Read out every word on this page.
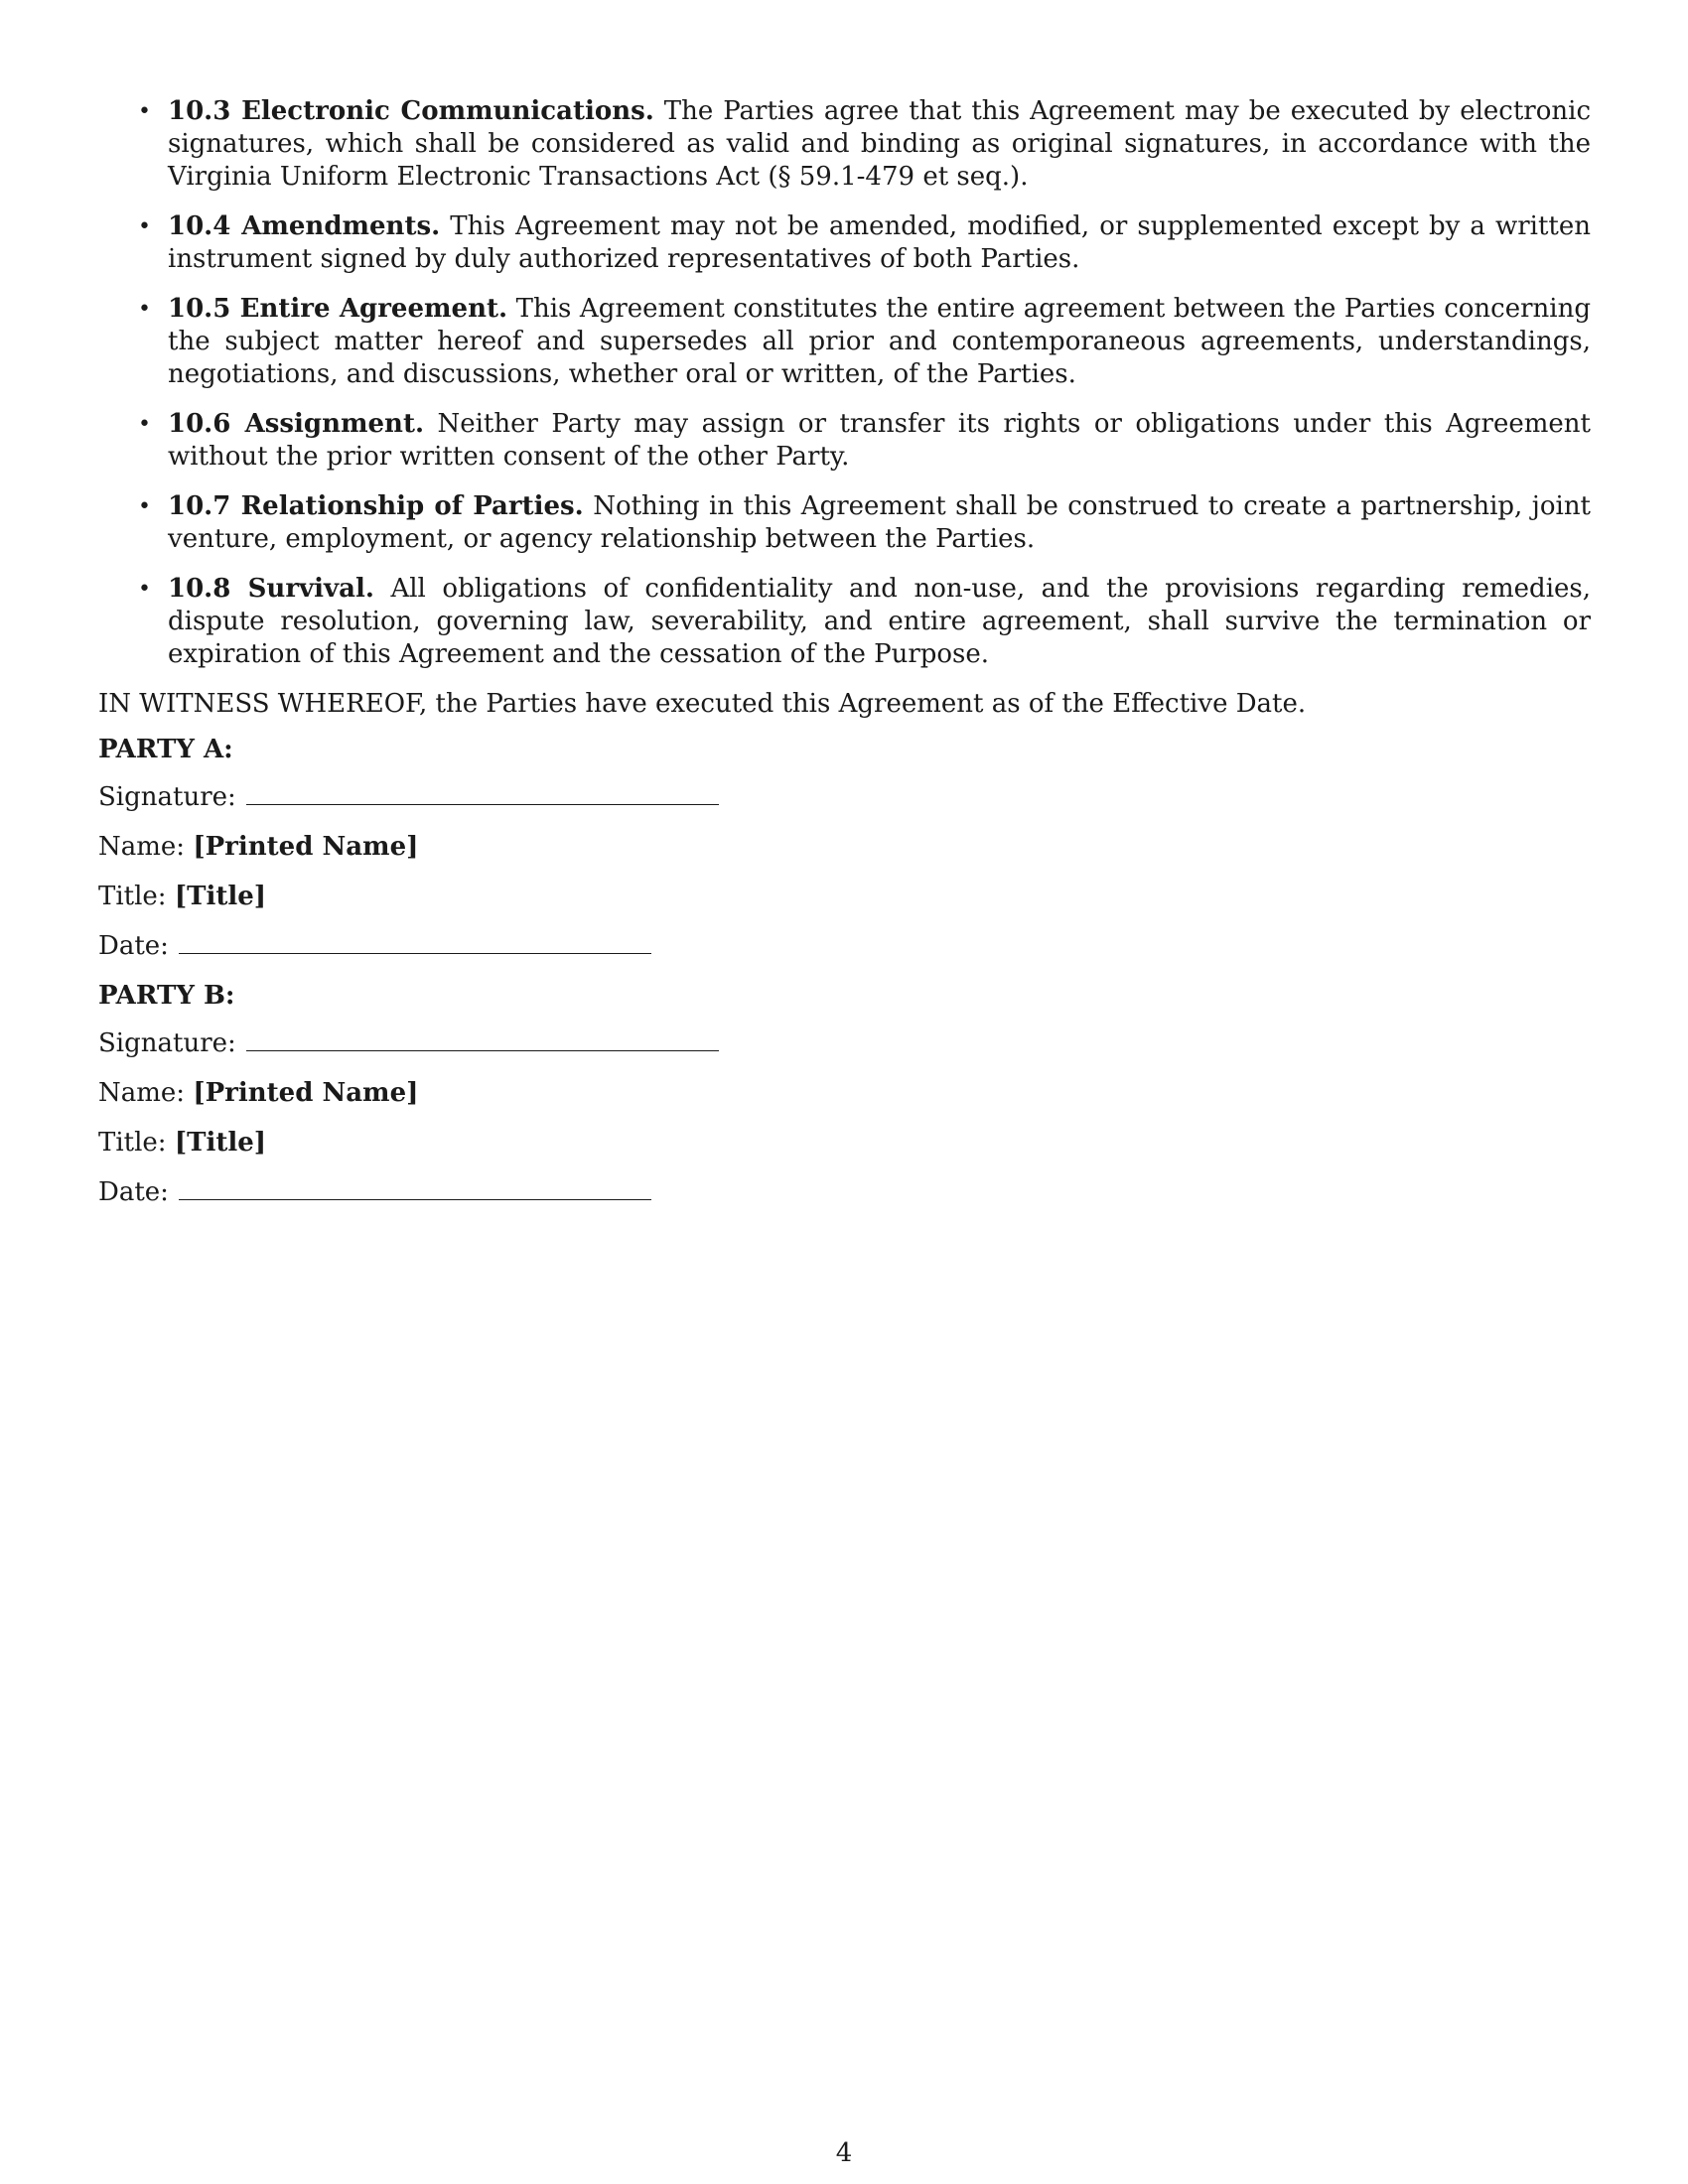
• 10.3 Electronic Communications. The Parties agree that this Agreement may be executed by electronic signatures, which shall be considered as valid and binding as original signatures, in accordance with the Virginia Uniform Electronic Transactions Act (§ 59.1-479 et seq.).
• 10.4 Amendments. This Agreement may not be amended, modified, or supplemented except by a written instrument signed by duly authorized representatives of both Parties.
• 10.5 Entire Agreement. This Agreement constitutes the entire agreement between the Parties concerning the subject matter hereof and supersedes all prior and contemporaneous agreements, understandings, negotiations, and discussions, whether oral or written, of the Parties.
• 10.6 Assignment. Neither Party may assign or transfer its rights or obligations under this Agreement without the prior written consent of the other Party.
• 10.7 Relationship of Parties. Nothing in this Agreement shall be construed to create a partnership, joint venture, employment, or agency relationship between the Parties.
• 10.8 Survival. All obligations of confidentiality and non-use, and the provisions regarding remedies, dispute resolution, governing law, severability, and entire agreement, shall survive the termination or expiration of this Agreement and the cessation of the Purpose.

IN WITNESS WHEREOF, the Parties have executed this Agreement as of the Effective Date.

PARTY A:

Signature:

Name: [Printed Name]

Title: [Title]

Date:

PARTY B:

Signature:

Name: [Printed Name]

Title: [Title]

Date:

4
